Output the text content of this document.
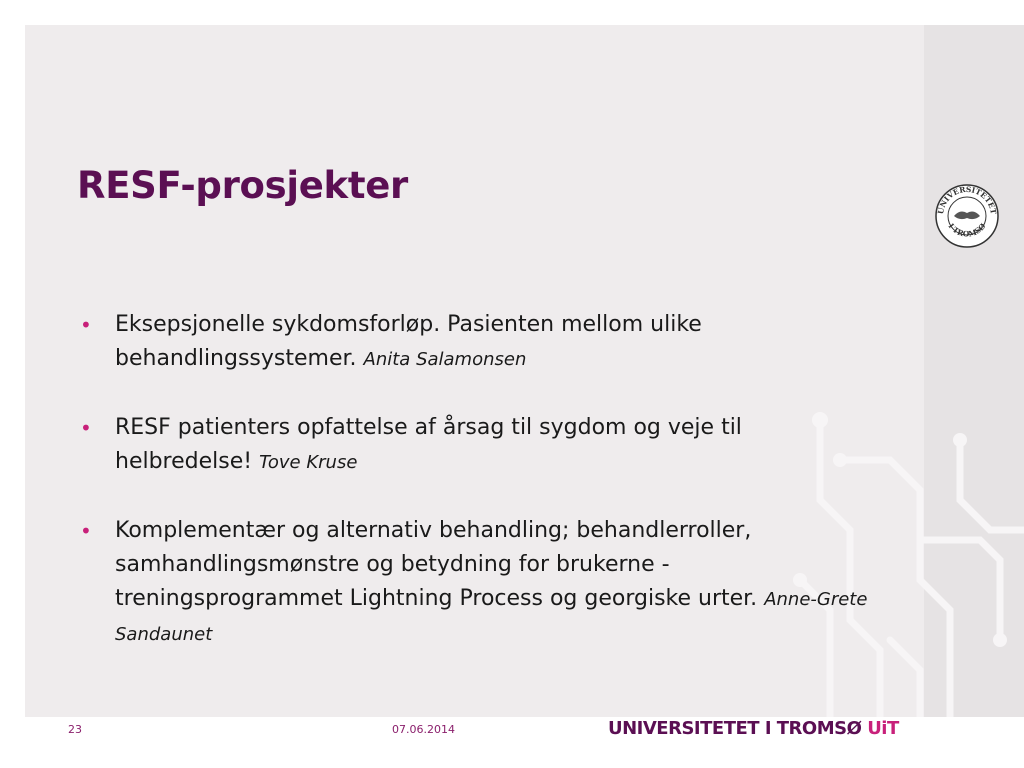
RESF-prosjekter
• Eksepsjonelle sykdomsforløp. Pasienten mellom ulike behandlingssystemer. Anita Salamonsen
• RESF patienters opfattelse af årsag til sygdom og veje til helbredelse! Tove Kruse
• Komplementær og alternativ behandling; behandlerroller, samhandlingsmønstre og betydning for brukerne - treningsprogrammet Lightning Process og georgiske urter. Anne-Grete Sandaunet
UNIVERSITETET
I TROMSØ
23	07.06.2014	UNIVERSITETET I TROMSØ UiT
